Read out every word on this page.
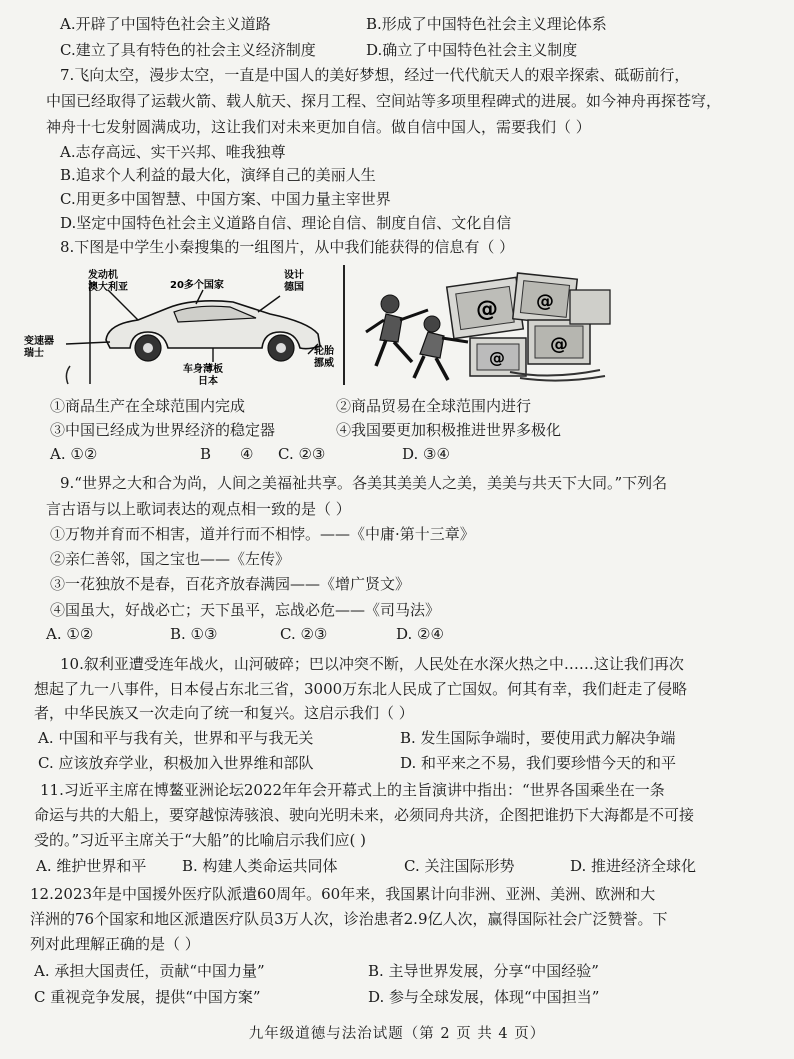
A.开辟了中国特色社会主义道路	B.形成了中国特色社会主义理论体系
C.建立了具有特色的社会主义经济制度	D.确立了中国特色社会主义制度
7.飞向太空，漫步太空，一直是中国人的美好梦想，经过一代代航天人的艰辛探索、砥砺前行，
中国已经取得了运载火箭、载人航天、探月工程、空间站等多项里程碑式的进展。如今神舟再探苍穹，
神舟十七发射圆满成功，这让我们对未来更加自信。做自信中国人，需要我们（ ）
A.志存高远、实干兴邦、唯我独尊
B.追求个人利益的最大化，演绎自己的美丽人生
C.用更多中国智慧、中国方案、中国力量主宰世界
D.坚定中国特色社会主义道路自信、理论自信、制度自信、文化自信
8.下图是中学生小秦搜集的一组图片，从中我们能获得的信息有（ ）
发动机
澳大利亚	20多个国家
设计
德国
变速器
瑞士	轮胎
挪威
车身薄板
日本
@ @
@
@
①商品生产在全球范围内完成	②商品贸易在全球范围内进行
③中国已经成为世界经济的稳定器	④我国要更加积极推进世界多极化
A. ①②	B ④ C. ②③	D. ③④
9.“世界之大和合为尚，人间之美福祉共享。各美其美美人之美，美美与共天下大同。”下列名
言古语与以上歌词表达的观点相一致的是（ ）
①万物并育而不相害，道并行而不相悖。——《中庸·第十三章》
②亲仁善邻，国之宝也——《左传》
③一花独放不是春，百花齐放春满园——《增广贤文》
④国虽大，好战必亡；天下虽平，忘战必危——《司马法》
A. ①②	B. ①③	C. ②③	D. ②④
10.叙利亚遭受连年战火，山河破碎；巴以冲突不断，人民处在水深火热之中……这让我们再次
想起了九一八事件，日本侵占东北三省，3000万东北人民成了亡国奴。何其有幸，我们赶走了侵略
者，中华民族又一次走向了统一和复兴。这启示我们（ ）
A. 中国和平与我有关，世界和平与我无关	B. 发生国际争端时，要使用武力解决争端
C. 应该放弃学业，积极加入世界维和部队	D. 和平来之不易，我们要珍惜今天的和平
11.习近平主席在博鳌亚洲论坛2022年年会开幕式上的主旨演讲中指出：“世界各国乘坐在一条
命运与共的大船上，要穿越惊涛骇浪、驶向光明未来，必须同舟共济，企图把谁扔下大海都是不可接
受的。”习近平主席关于“大船”的比喻启示我们应( )
A. 维护世界和平 B. 构建人类命运共同体	C. 关注国际形势	D. 推进经济全球化
12.2023年是中国援外医疗队派遣60周年。60年来，我国累计向非洲、亚洲、美洲、欧洲和大
洋洲的76个国家和地区派遣医疗队员3万人次，诊治患者2.9亿人次，赢得国际社会广泛赞誉。下
列对此理解正确的是（ ）
A. 承担大国责任，贡献“中国力量”	B. 主导世界发展，分享“中国经验”
C 重视竞争发展，提供“中国方案”	D. 参与全球发展，体现“中国担当”
九年级道德与法治试题（第 2 页 共 4 页）
